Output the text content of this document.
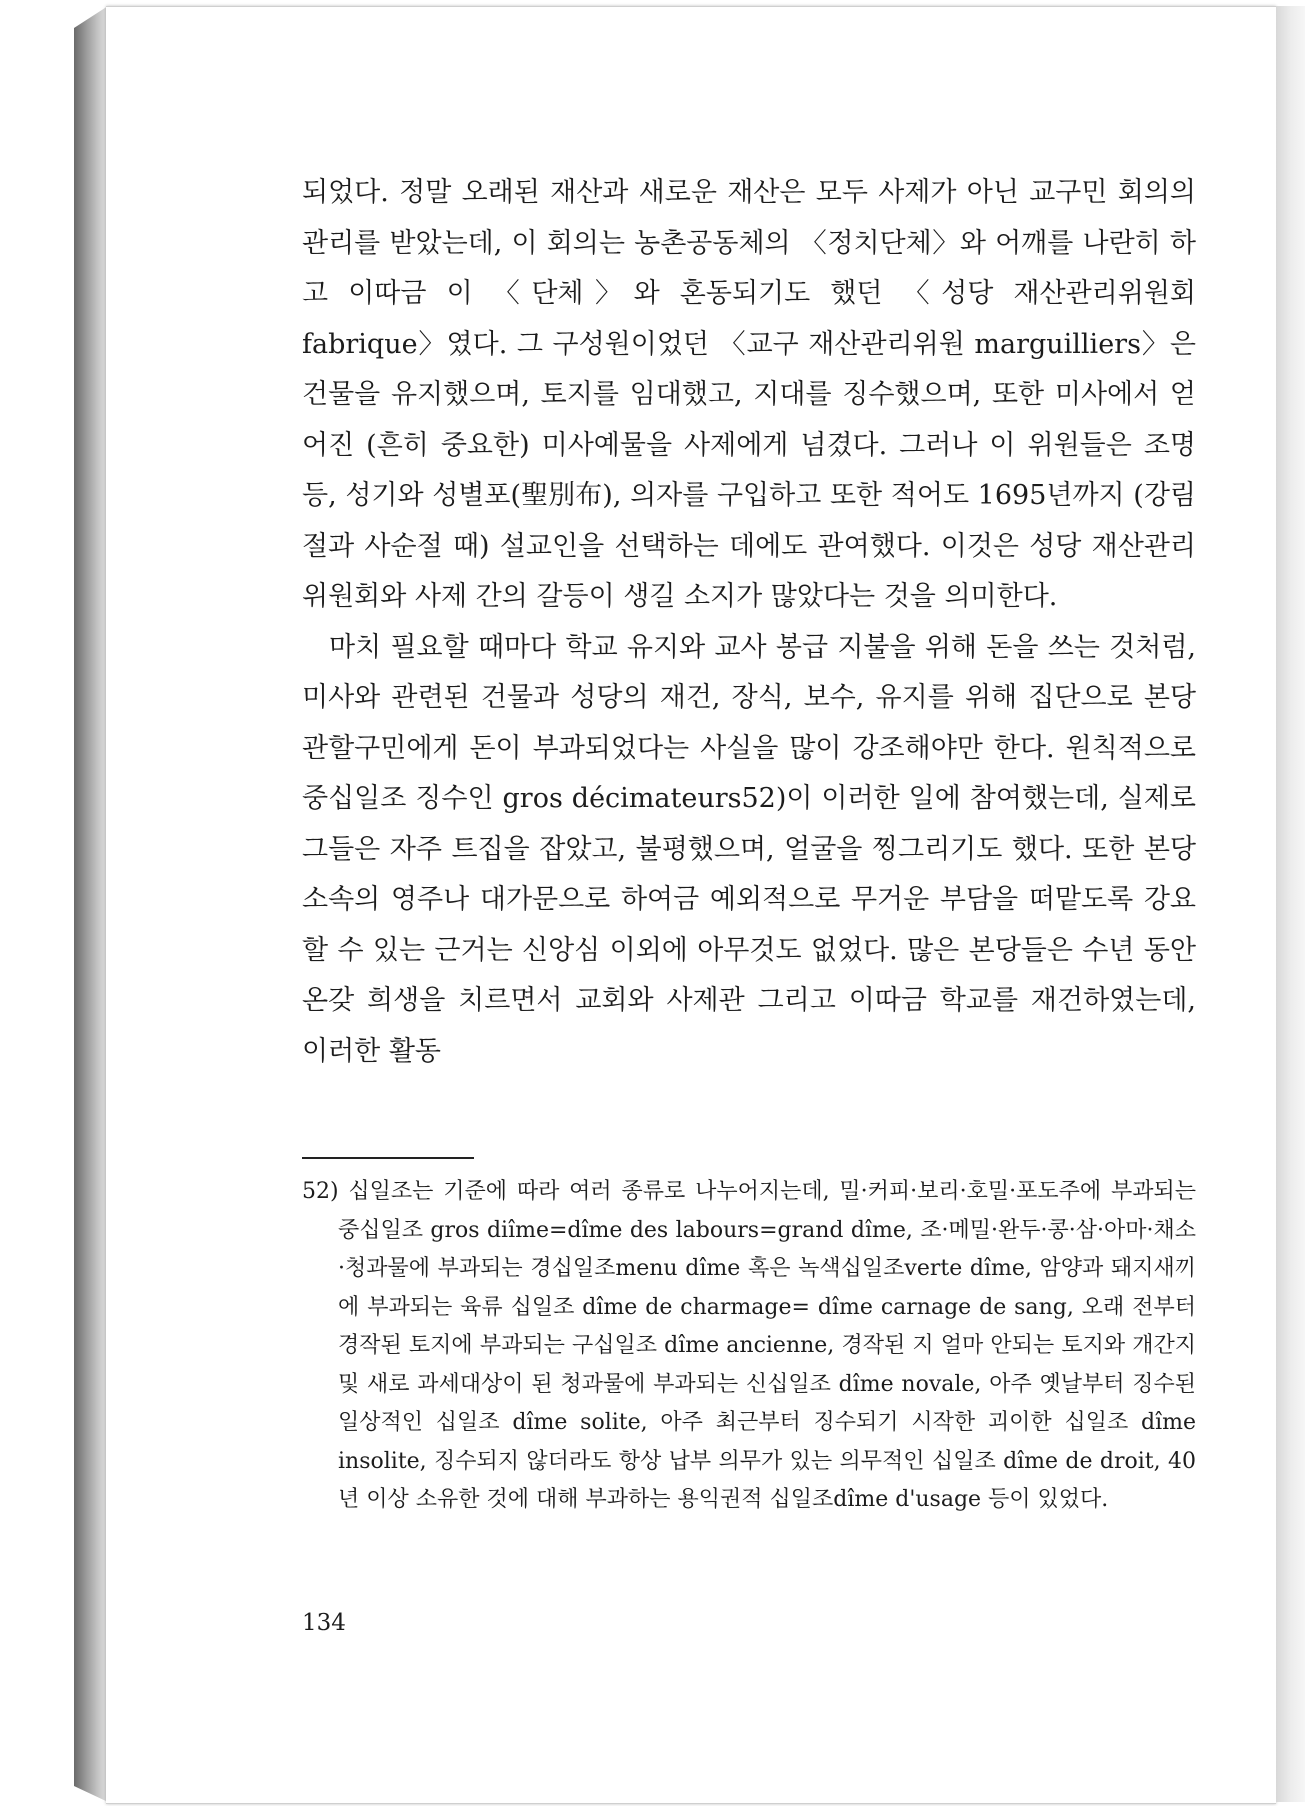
되었다. 정말 오래된 재산과 새로운 재산은 모두 사제가 아닌 교구민 회의의 관리를 받았는데, 이 회의는 농촌공동체의 〈정치단체〉와 어깨를 나란히 하고 이따금 이 〈단체〉와 혼동되기도 했던 〈성당 재산관리위원회 fabrique〉였다. 그 구성원이었던 〈교구 재산관리위원 marguilliers〉은 건물을 유지했으며, 토지를 임대했고, 지대를 징수했으며, 또한 미사에서 얻어진 (흔히 중요한) 미사예물을 사제에게 넘겼다. 그러나 이 위원들은 조명등, 성기와 성별포(聖別布), 의자를 구입하고 또한 적어도 1695년까지 (강림절과 사순절 때) 설교인을 선택하는 데에도 관여했다. 이것은 성당 재산관리위원회와 사제 간의 갈등이 생길 소지가 많았다는 것을 의미한다.

마치 필요할 때마다 학교 유지와 교사 봉급 지불을 위해 돈을 쓰는 것처럼, 미사와 관련된 건물과 성당의 재건, 장식, 보수, 유지를 위해 집단으로 본당관할구민에게 돈이 부과되었다는 사실을 많이 강조해야만 한다. 원칙적으로 중십일조 징수인 gros décimateurs52)이 이러한 일에 참여했는데, 실제로 그들은 자주 트집을 잡았고, 불평했으며, 얼굴을 찡그리기도 했다. 또한 본당 소속의 영주나 대가문으로 하여금 예외적으로 무거운 부담을 떠맡도록 강요할 수 있는 근거는 신앙심 이외에 아무것도 없었다. 많은 본당들은 수년 동안 온갖 희생을 치르면서 교회와 사제관 그리고 이따금 학교를 재건하였는데, 이러한 활동

52) 십일조는 기준에 따라 여러 종류로 나누어지는데, 밀·커피·보리·호밀·포도주에 부과되는 중십일조 gros diîme=dîme des labours=grand dîme, 조·메밀·완두·콩·삼·아마·채소·청과물에 부과되는 경십일조menu dîme 혹은 녹색십일조verte dîme, 암양과 돼지새끼에 부과되는 육류 십일조 dîme de charmage= dîme carnage de sang, 오래 전부터 경작된 토지에 부과되는 구십일조 dîme ancienne, 경작된 지 얼마 안되는 토지와 개간지 및 새로 과세대상이 된 청과물에 부과되는 신십일조 dîme novale, 아주 옛날부터 징수된 일상적인 십일조 dîme solite, 아주 최근부터 징수되기 시작한 괴이한 십일조 dîme insolite, 징수되지 않더라도 항상 납부 의무가 있는 의무적인 십일조 dîme de droit, 40년 이상 소유한 것에 대해 부과하는 용익권적 십일조dîme d'usage 등이 있었다.
134
